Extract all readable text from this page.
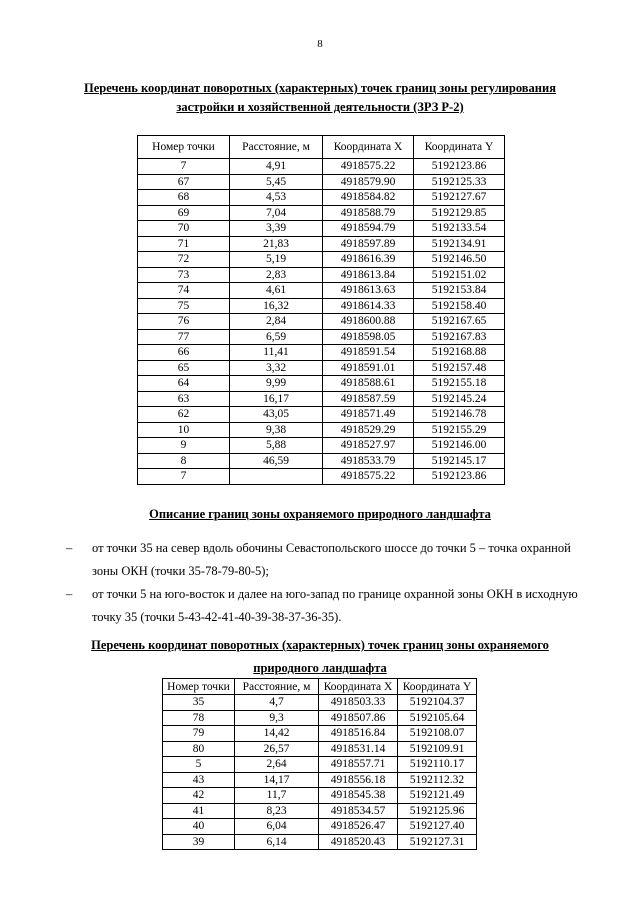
8
Перечень координат поворотных (характерных) точек границ зоны регулирования застройки и хозяйственной деятельности (ЗРЗ Р-2)
Номер точки	Расстояние, м	Координата X	Координата Y
7	4,91	4918575.22	5192123.86
67	5,45	4918579.90	5192125.33
68	4,53	4918584.82	5192127.67
69	7,04	4918588.79	5192129.85
70	3,39	4918594.79	5192133.54
71	21,83	4918597.89	5192134.91
72	5,19	4918616.39	5192146.50
73	2,83	4918613.84	5192151.02
74	4,61	4918613.63	5192153.84
75	16,32	4918614.33	5192158.40
76	2,84	4918600.88	5192167.65
77	6,59	4918598.05	5192167.83
66	11,41	4918591.54	5192168.88
65	3,32	4918591.01	5192157.48
64	9,99	4918588.61	5192155.18
63	16,17	4918587.59	5192145.24
62	43,05	4918571.49	5192146.78
10	9,38	4918529.29	5192155.29
9	5,88	4918527.97	5192146.00
8	46,59	4918533.79	5192145.17
7		4918575.22	5192123.86
Описание границ зоны охраняемого природного ландшафта
– от точки 35 на север вдоль обочины Севастопольского шоссе до точки 5 – точка охранной зоны ОКН (точки 35-78-79-80-5);
– от точки 5 на юго-восток и далее на юго-запад по границе охранной зоны ОКН в исходную точку 35 (точки 5-43-42-41-40-39-38-37-36-35).
Перечень координат поворотных (характерных) точек границ зоны охраняемого природного ландшафта
Номер точки	Расстояние, м	Координата X	Координата Y
35	4,7	4918503.33	5192104.37
78	9,3	4918507.86	5192105.64
79	14,42	4918516.84	5192108.07
80	26,57	4918531.14	5192109.91
5	2,64	4918557.71	5192110.17
43	14,17	4918556.18	5192112.32
42	11,7	4918545.38	5192121.49
41	8,23	4918534.57	5192125.96
40	6,04	4918526.47	5192127.40
39	6,14	4918520.43	5192127.31
